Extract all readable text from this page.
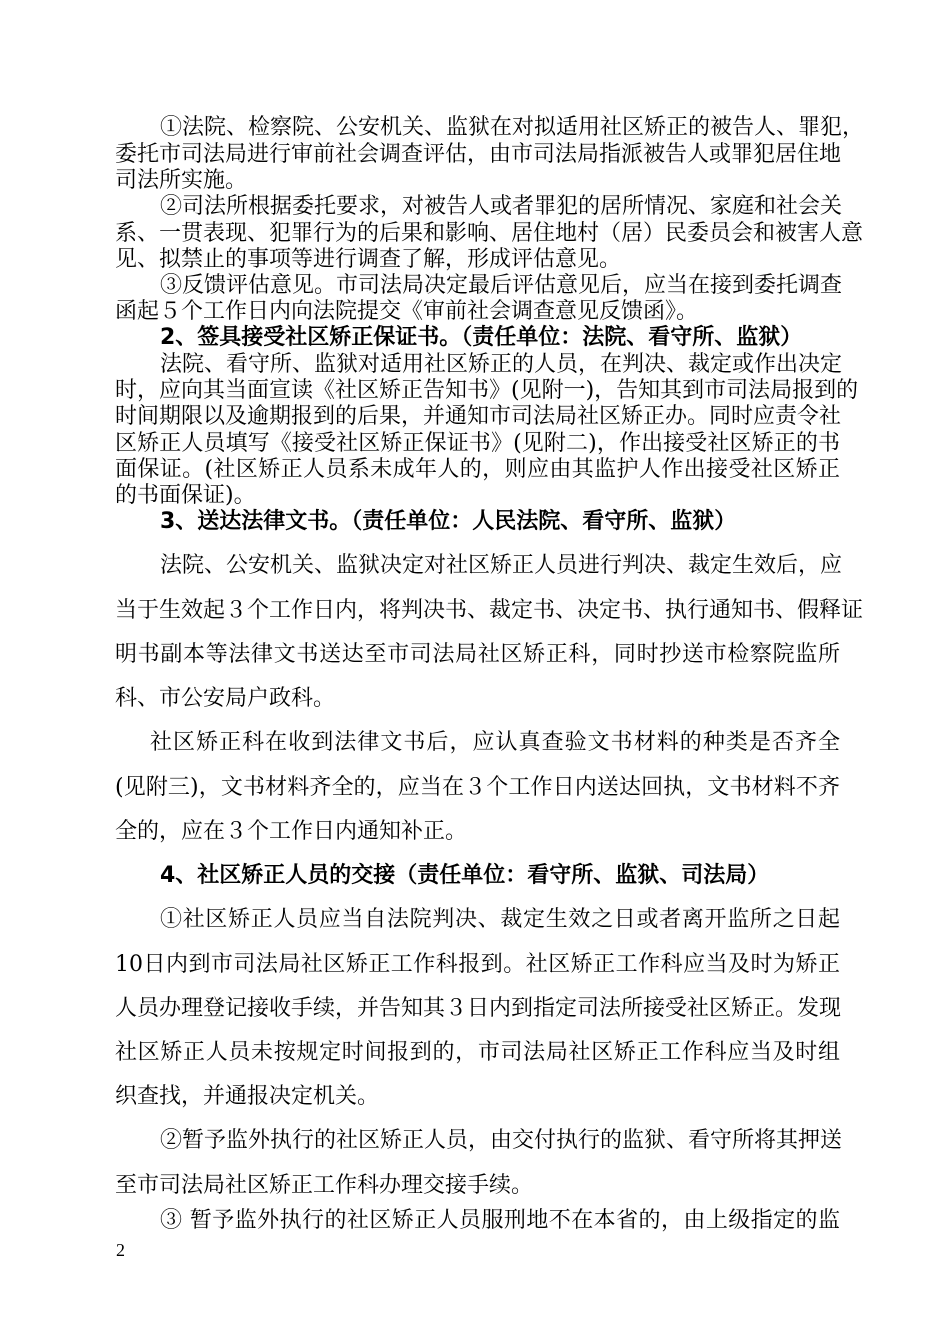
①法院、检察院、公安机关、监狱在对拟适用社区矫正的被告人、罪犯，
委托市司法局进行审前社会调查评估，由市司法局指派被告人或罪犯居住地
司法所实施。
②司法所根据委托要求，对被告人或者罪犯的居所情况、家庭和社会关
系、一贯表现、犯罪行为的后果和影响、居住地村（居）民委员会和被害人意
见、拟禁止的事项等进行调查了解，形成评估意见。
③反馈评估意见。市司法局决定最后评估意见后，应当在接到委托调查
函起５个工作日内向法院提交《审前社会调查意见反馈函》。
2、签具接受社区矫正保证书。（责任单位：法院、看守所、监狱）
法院、看守所、监狱对适用社区矫正的人员，在判决、裁定或作出决定
时，应向其当面宣读《社区矫正告知书》(见附一)，告知其到市司法局报到的
时间期限以及逾期报到的后果，并通知市司法局社区矫正办。同时应责令社
区矫正人员填写《接受社区矫正保证书》(见附二)，作出接受社区矫正的书
面保证。(社区矫正人员系未成年人的，则应由其监护人作出接受社区矫正
的书面保证)。
3、送达法律文书。（责任单位：人民法院、看守所、监狱）
法院、公安机关、监狱决定对社区矫正人员进行判决、裁定生效后，应
当于生效起３个工作日内，将判决书、裁定书、决定书、执行通知书、假释证
明书副本等法律文书送达至市司法局社区矫正科，同时抄送市检察院监所
科、市公安局户政科。
社区矫正科在收到法律文书后，应认真查验文书材料的种类是否齐全
(见附三)，文书材料齐全的，应当在３个工作日内送达回执，文书材料不齐
全的，应在３个工作日内通知补正。
4、社区矫正人员的交接（责任单位：看守所、监狱、司法局）
①社区矫正人员应当自法院判决、裁定生效之日或者离开监所之日起
10日内到市司法局社区矫正工作科报到。社区矫正工作科应当及时为矫正
人员办理登记接收手续，并告知其３日内到指定司法所接受社区矫正。发现
社区矫正人员未按规定时间报到的，市司法局社区矫正工作科应当及时组
织查找，并通报决定机关。
②暂予监外执行的社区矫正人员，由交付执行的监狱、看守所将其押送
至市司法局社区矫正工作科办理交接手续。
③ 暂予监外执行的社区矫正人员服刑地不在本省的，由上级指定的监
2
